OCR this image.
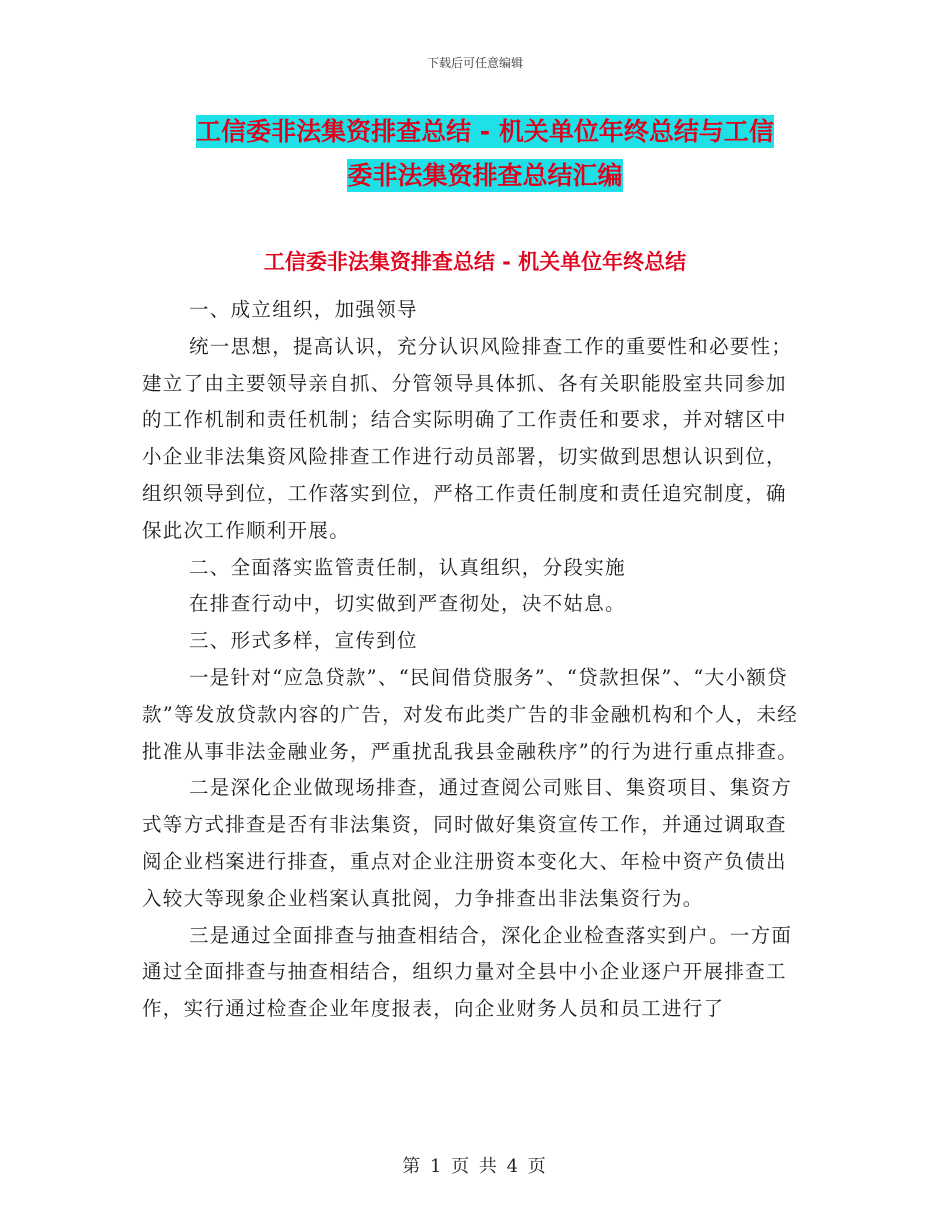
下载后可任意编辑
工信委非法集资排查总结 - 机关单位年终总结与工信
委非法集资排查总结汇编
工信委非法集资排查总结 - 机关单位年终总结

一、成立组织，加强领导

统一思想，提高认识，充分认识风险排查工作的重要性和必要性；建立了由主要领导亲自抓、分管领导具体抓、各有关职能股室共同参加的工作机制和责任机制；结合实际明确了工作责任和要求，并对辖区中小企业非法集资风险排查工作进行动员部署，切实做到思想认识到位，组织领导到位，工作落实到位，严格工作责任制度和责任追究制度，确保此次工作顺利开展。

二、全面落实监管责任制，认真组织，分段实施

在排查行动中，切实做到严查彻处，决不姑息。

三、形式多样，宣传到位

一是针对“应急贷款”、“民间借贷服务”、“贷款担保”、“大小额贷款”等发放贷款内容的广告，对发布此类广告的非金融机构和个人，未经批准从事非法金融业务，严重扰乱我县金融秩序”的行为进行重点排查。

二是深化企业做现场排查，通过查阅公司账目、集资项目、集资方式等方式排查是否有非法集资，同时做好集资宣传工作，并通过调取查阅企业档案进行排查，重点对企业注册资本变化大、年检中资产负债出入较大等现象企业档案认真批阅，力争排查出非法集资行为。

三是通过全面排查与抽查相结合，深化企业检查落实到户。一方面通过全面排查与抽查相结合，组织力量对全县中小企业逐户开展排查工作，实行通过检查企业年度报表，向企业财务人员和员工进行了

第 1 页 共 4 页
